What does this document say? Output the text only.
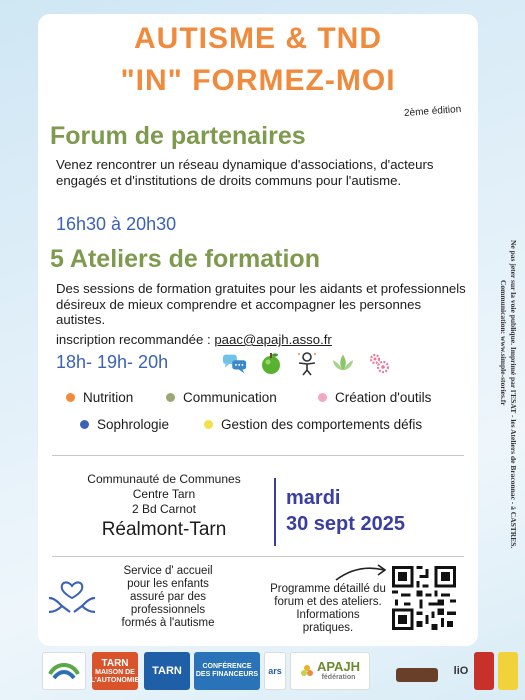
AUTISME & TND
"IN" FORMEZ-MOI
2ème édition
Forum de partenaires
Venez rencontrer un réseau dynamique d'associations, d'acteurs engagés et d'institutions de droits communs pour l'autisme.
16h30 à 20h30
5 Ateliers de formation
Des sessions de formation gratuites pour les aidants et professionnels désireux de mieux comprendre et accompagner les personnes autistes.
inscription recommandée : paac@apajh.asso.fr
18h- 19h- 20h
Nutrition	Communication	Création d'outils
Sophrologie	Gestion des comportements défis
Communauté de Communes
Centre Tarn
2 Bd Carnot
Réalmont-Tarn
mardi
30 sept 2025
Service d' accueil pour les enfants assuré par des professionnels formés à l'autisme
Programme détaillé du forum et des ateliers. Informations pratiques.
Ne pas jeter sur la voie publique. Imprimé par l'ESAT - les Ateliers de Braconnac - à CASTRES.
Communication: www.simple-stories.fr
TARN
MAISON DE
L'AUTONOMIE
TARN	CONFÉRENCE
DES FINANCEURS ars	APAJH
fédération
liO
